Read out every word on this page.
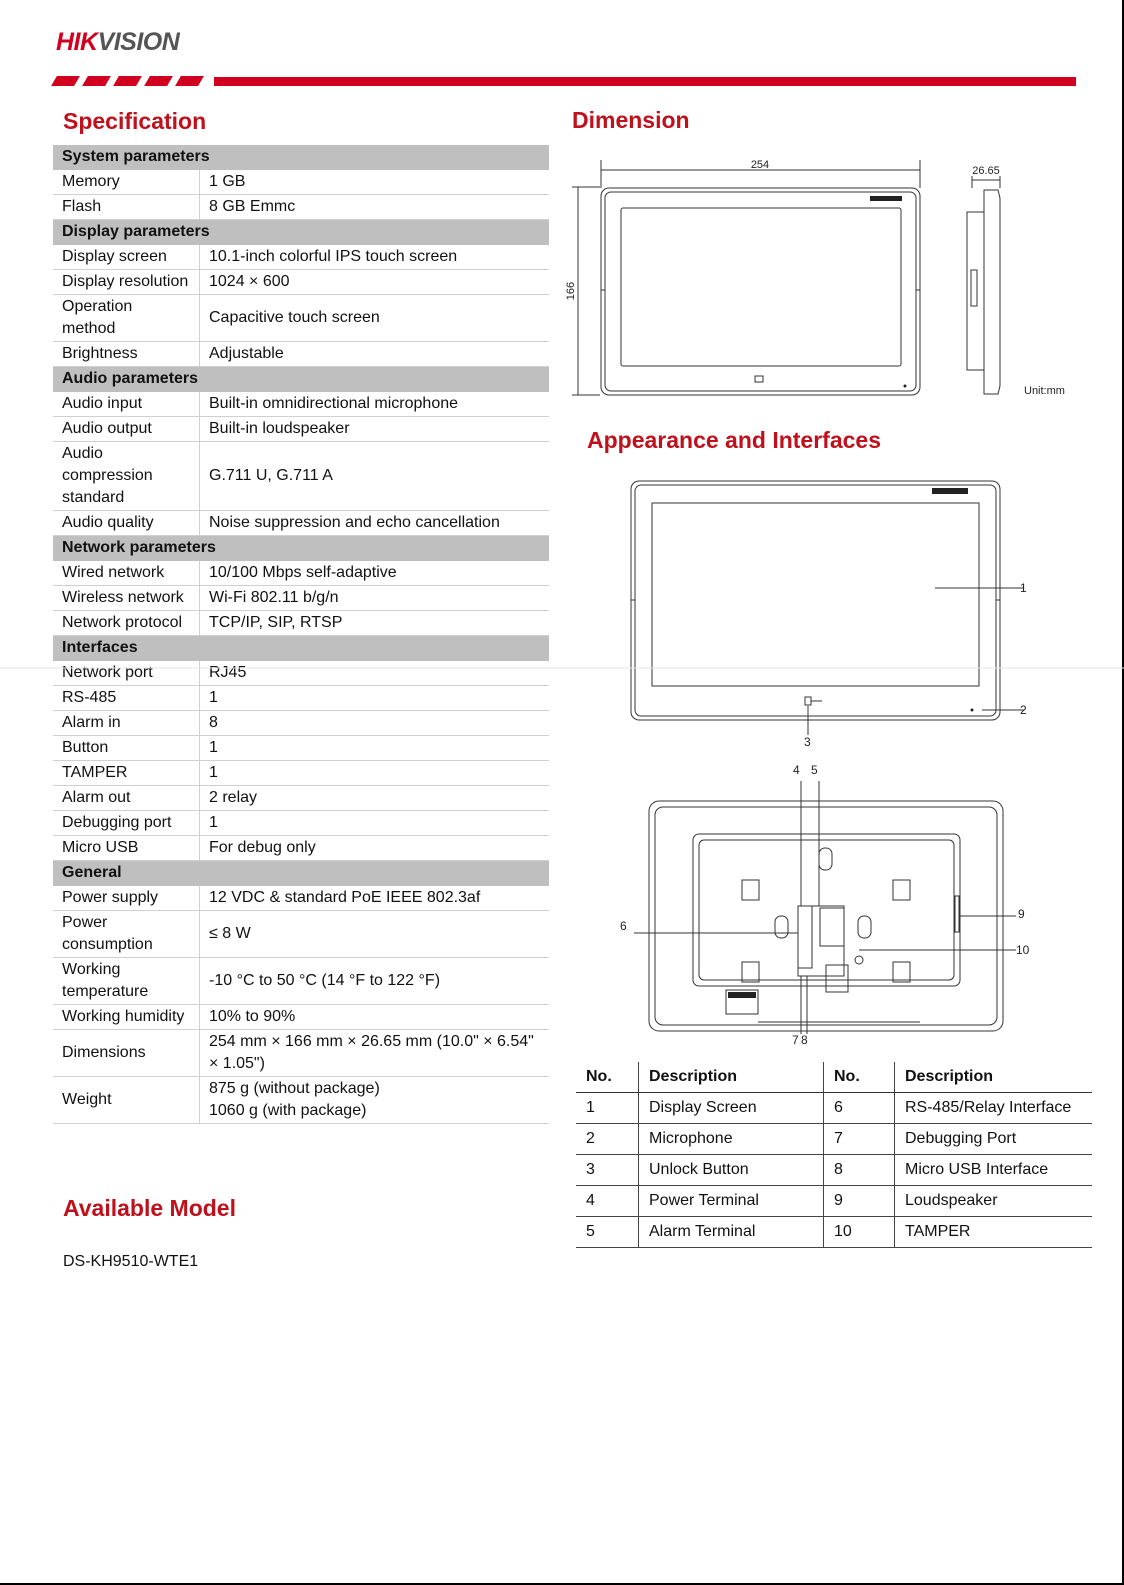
HIKVISION
Specification
System parameters	
Memory	1 GB
Flash	8 GB Emmc
Display parameters	
Display screen	10.1-inch colorful IPS touch screen
Display resolution	1024 × 600
Operation method	Capacitive touch screen
Brightness	Adjustable
Audio parameters	
Audio input	Built-in omnidirectional microphone
Audio output	Built-in loudspeaker
Audio compression standard	G.711 U, G.711 A
Audio quality	Noise suppression and echo cancellation
Network parameters	
Wired network	10/100 Mbps self-adaptive
Wireless network	Wi-Fi 802.11 b/g/n
Network protocol	TCP/IP, SIP, RTSP
Interfaces	
Network port	RJ45
RS-485	1
Alarm in	8
Button	1
TAMPER	1
Alarm out	2 relay
Debugging port	1
Micro USB	For debug only
General	
Power supply	12 VDC & standard PoE IEEE 802.3af
Power consumption	≤ 8 W
Working temperature	-10 °C to 50 °C (14 °F to 122 °F)
Working humidity	10% to 90%
Dimensions	254 mm × 166 mm × 26.65 mm (10.0" × 6.54" × 1.05")
Weight	875 g (without package)
1060 g (with package)
Available Model
DS-KH9510-WTE1
Dimension
254	26.65
166
Unit:mm
Appearance and Interfaces
1
2
3
4 5
6
7 8
9
10
No.	Description	No.	Description
1	Display Screen	6	RS-485/Relay Interface
2	Microphone	7	Debugging Port
3	Unlock Button	8	Micro USB Interface
4	Power Terminal	9	Loudspeaker
5	Alarm Terminal	10	TAMPER
